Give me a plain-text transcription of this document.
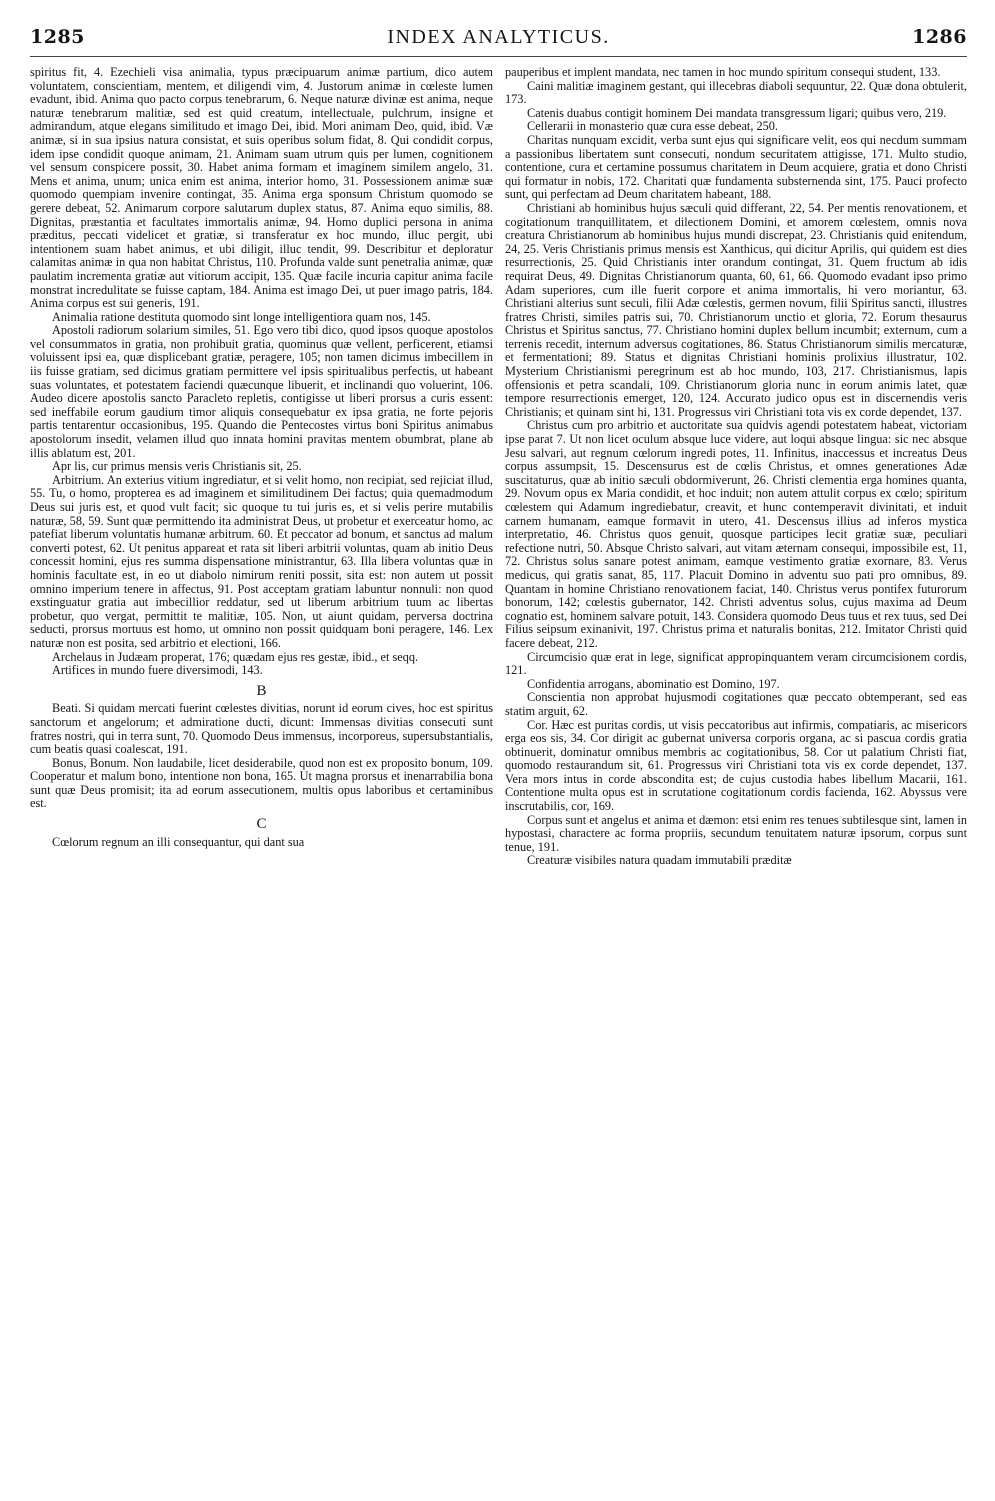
1285	INDEX ANALYTICUS.	1286

spiritus fit, 4. Ezechieli visa animalia, typus præcipuarum animæ partium, dico autem voluntatem, conscientiam, mentem, et diligendi vim, 4. Justorum animæ in cœleste lumen evadunt, ibid. Anima quo pacto corpus tenebrarum, 6. Neque naturæ divinæ est anima, neque naturæ tenebrarum malitiæ, sed est quid creatum, intellectuale, pulchrum, insigne et admirandum, atque elegans similitudo et imago Dei, ibid. Mori animam Deo, quid, ibid. Væ animæ, si in sua ipsius natura consistat, et suis operibus solum fidat, 8. Qui condidit corpus, idem ipse condidit quoque animam, 21. Animam suam utrum quis per lumen, cognitionem vel sensum conspicere possit, 30. Habet anima formam et imaginem similem angelo, 31. Mens et anima, unum; unica enim est anima, interior homo, 31. Possessionem animæ suæ quomodo quempiam invenire contingat, 35. Anima erga sponsum Christum quomodo se gerere debeat, 52. Animarum corpore salutarum duplex status, 87. Anima equo similis, 88. Dignitas, præstantia et facultates immortalis animæ, 94. Homo duplici persona in anima præditus, peccati videlicet et gratiæ, si transferatur ex hoc mundo, illuc pergit, ubi intentionem suam habet animus, et ubi diligit, illuc tendit, 99. Describitur et deploratur calamitas animæ in qua non habitat Christus, 110. Profunda valde sunt penetralia animæ, quæ paulatim incrementa gratiæ aut vitiorum accipit, 135. Quæ facile incuria capitur anima facile monstrat incredulitate se fuisse captam, 184. Anima est imago Dei, ut puer imago patris, 184. Anima corpus est sui generis, 191.

Animalia ratione destituta quomodo sint longe intelligentiora quam nos, 145.

Apostoli radiorum solarium similes, 51. Ego vero tibi dico, quod ipsos quoque apostolos vel consummatos in gratia, non prohibuit gratia, quominus quæ vellent, perficerent, etiamsi voluissent ipsi ea, quæ displicebant gratiæ, peragere, 105; non tamen dicimus imbecillem in iis fuisse gratiam, sed dicimus gratiam permittere vel ipsis spiritualibus perfectis, ut habeant suas voluntates, et potestatem faciendi quæcunque libuerit, et inclinandi quo voluerint, 106. Audeo dicere apostolis sancto Paracleto repletis, contigisse ut liberi prorsus a curis essent: sed ineffabile eorum gaudium timor aliquis consequebatur ex ipsa gratia, ne forte pejoris partis tentarentur occasionibus, 195. Quando die Pentecostes virtus boni Spiritus animabus apostolorum insedit, velamen illud quo innata homini pravitas mentem obumbrat, plane ab illis ablatum est, 201.

Apr lis, cur primus mensis veris Christianis sit, 25.

Arbitrium. An exterius vitium ingrediatur, et si velit homo, non recipiat, sed rejiciat illud, 55. Tu, o homo, propterea es ad imaginem et similitudinem Dei factus; quia quemadmodum Deus sui juris est, et quod vult facit; sic quoque tu tui juris es, et si velis perire mutabilis naturæ, 58, 59. Sunt quæ permittendo ita administrat Deus, ut probetur et exerceatur homo, ac patefiat liberum voluntatis humanæ arbitrum. 60. Et peccator ad bonum, et sanctus ad malum converti potest, 62. Ut penitus appareat et rata sit liberi arbitrii voluntas, quam ab initio Deus concessit homini, ejus res summa dispensatione ministrantur, 63. Illa libera voluntas quæ in hominis facultate est, in eo ut diabolo nimirum reniti possit, sita est: non autem ut possit omnino imperium tenere in affectus, 91. Post acceptam gratiam labuntur nonnuli: non quod exstinguatur gratia aut imbecillior reddatur, sed ut liberum arbitrium tuum ac libertas probetur, quo vergat, permittit te malitiæ, 105. Non, ut aiunt quidam, perversa doctrina seducti, prorsus mortuus est homo, ut omnino non possit quidquam boni peragere, 146. Lex naturæ non est posita, sed arbitrio et electioni, 166.

Archelaus in Judæam properat, 176; quædam ejus res gestæ, ibid., et seqq.

Artifices in mundo fuere diversimodi, 143.

B

Beati. Si quidam mercati fuerint cœlestes divitias, norunt id eorum cives, hoc est spiritus sanctorum et angelorum; et admiratione ducti, dicunt: Immensas divitias consecuti sunt fratres nostri, qui in terra sunt, 70. Quomodo Deus immensus, incorporeus, supersubstantialis, cum beatis quasi coalescat, 191.

Bonus, Bonum. Non laudabile, licet desiderabile, quod non est ex proposito bonum, 109. Cooperatur et malum bono, intentione non bona, 165. Ut magna prorsus et inenarrabilia bona sunt quæ Deus promisit; ita ad eorum assecutionem, multis opus laboribus et certaminibus est.

C

Cœlorum regnum an illi consequantur, qui dant sua

pauperibus et implent mandata, nec tamen in hoc mundo spiritum consequi student, 133.

Caini malitiæ imaginem gestant, qui illecebras diaboli sequuntur, 22. Quæ dona obtulerit, 173.

Catenis duabus contigit hominem Dei mandata transgressum ligari; quibus vero, 219.

Cellerarii in monasterio quæ cura esse debeat, 250.

Charitas nunquam excidit, verba sunt ejus qui significare velit, eos qui necdum summam a passionibus libertatem sunt consecuti, nondum securitatem attigisse, 171. Multo studio, contentione, cura et certamine possumus charitatem in Deum acquiere, gratia et dono Christi qui formatur in nobis, 172. Charitati quæ fundamenta substernenda sint, 175. Pauci profecto sunt, qui perfectam ad Deum charitatem habeant, 188.

Christiani ab hominibus hujus sæculi quid differant, 22, 54. Per mentis renovationem, et cogitationum tranquillitatem, et dilectionem Domini, et amorem cœlestem, omnis nova creatura Christianorum ab hominibus hujus mundi discrepat, 23. Christianis quid enitendum, 24, 25. Veris Christianis primus mensis est Xanthicus, qui dicitur Aprilis, qui quidem est dies resurrectionis, 25. Quid Christianis inter orandum contingat, 31. Quem fructum ab idis requirat Deus, 49. Dignitas Christianorum quanta, 60, 61, 66. Quomodo evadant ipso primo Adam superiores, cum ille fuerit corpore et anima immortalis, hi vero moriantur, 63. Christiani alterius sunt seculi, filii Adæ cœlestis, germen novum, filii Spiritus sancti, illustres fratres Christi, similes patris sui, 70. Christianorum unctio et gloria, 72. Eorum thesaurus Christus et Spiritus sanctus, 77. Christiano homini duplex bellum incumbit; externum, cum a terrenis recedit, internum adversus cogitationes, 86. Status Christianorum similis mercaturæ, et fermentationi; 89. Status et dignitas Christiani hominis prolixius illustratur, 102. Mysterium Christianismi peregrinum est ab hoc mundo, 103, 217. Christianismus, lapis offensionis et petra scandali, 109. Christianorum gloria nunc in eorum animis latet, quæ tempore resurrectionis emerget, 120, 124. Accurato judico opus est in discernendis veris Christianis; et quinam sint hi, 131. Progressus viri Christiani tota vis ex corde dependet, 137.

Christus cum pro arbitrio et auctoritate sua quidvis agendi potestatem habeat, victoriam ipse parat 7. Ut non licet oculum absque luce videre, aut loqui absque lingua: sic nec absque Jesu salvari, aut regnum cœlorum ingredi potes, 11. Infinitus, inaccessus et increatus Deus corpus assumpsit, 15. Descensurus est de cœlis Christus, et omnes generationes Adæ suscitaturus, quæ ab initio sæculi obdormiverunt, 26. Christi clementia erga homines quanta, 29. Novum opus ex Maria condidit, et hoc induit; non autem attulit corpus ex cœlo; spiritum cœlestem qui Adamum ingrediebatur, creavit, et hunc contemperavit divinitati, et induit carnem humanam, eamque formavit in utero, 41. Descensus illius ad inferos mystica interpretatio, 46. Christus quos genuit, quosque participes lecit gratiæ suæ, peculiari refectione nutri, 50. Absque Christo salvari, aut vitam æternam consequi, impossibile est, 11, 72. Christus solus sanare potest animam, eamque vestimento gratiæ exornare, 83. Verus medicus, qui gratis sanat, 85, 117. Placuit Domino in adventu suo pati pro omnibus, 89. Quantam in homine Christiano renovationem faciat, 140. Christus verus pontifex futurorum bonorum, 142; cœlestis gubernator, 142. Christi adventus solus, cujus maxima ad Deum cognatio est, hominem salvare potuit, 143. Considera quomodo Deus tuus et rex tuus, sed Dei Filius seipsum exinanivit, 197. Christus prima et naturalis bonitas, 212. Imitator Christi quid facere debeat, 212.

Circumcisio quæ erat in lege, significat appropinquantem veram circumcisionem cordis, 121.

Confidentia arrogans, abominatio est Domino, 197.

Conscientia non approbat hujusmodi cogitationes quæ peccato obtemperant, sed eas statim arguit, 62.

Cor. Hæc est puritas cordis, ut visis peccatoribus aut infirmis, compatiaris, ac misericors erga eos sis, 34. Cor dirigit ac gubernat universa corporis organa, ac si pascua cordis gratia obtinuerit, dominatur omnibus membris ac cogitationibus, 58. Cor ut palatium Christi fiat, quomodo restaurandum sit, 61. Progressus viri Christiani tota vis ex corde dependet, 137. Vera mors intus in corde abscondita est; de cujus custodia habes libellum Macarii, 161. Contentione multa opus est in scrutatione cogitationum cordis facienda, 162. Abyssus vere inscrutabilis, cor, 169.

Corpus sunt et angelus et anima et dæmon: etsi enim res tenues subtilesque sint, lamen in hypostasi, charactere ac forma propriis, secundum tenuitatem naturæ ipsorum, corpus sunt tenue, 191.

Creaturæ visibiles natura quadam immutabili præditæ
